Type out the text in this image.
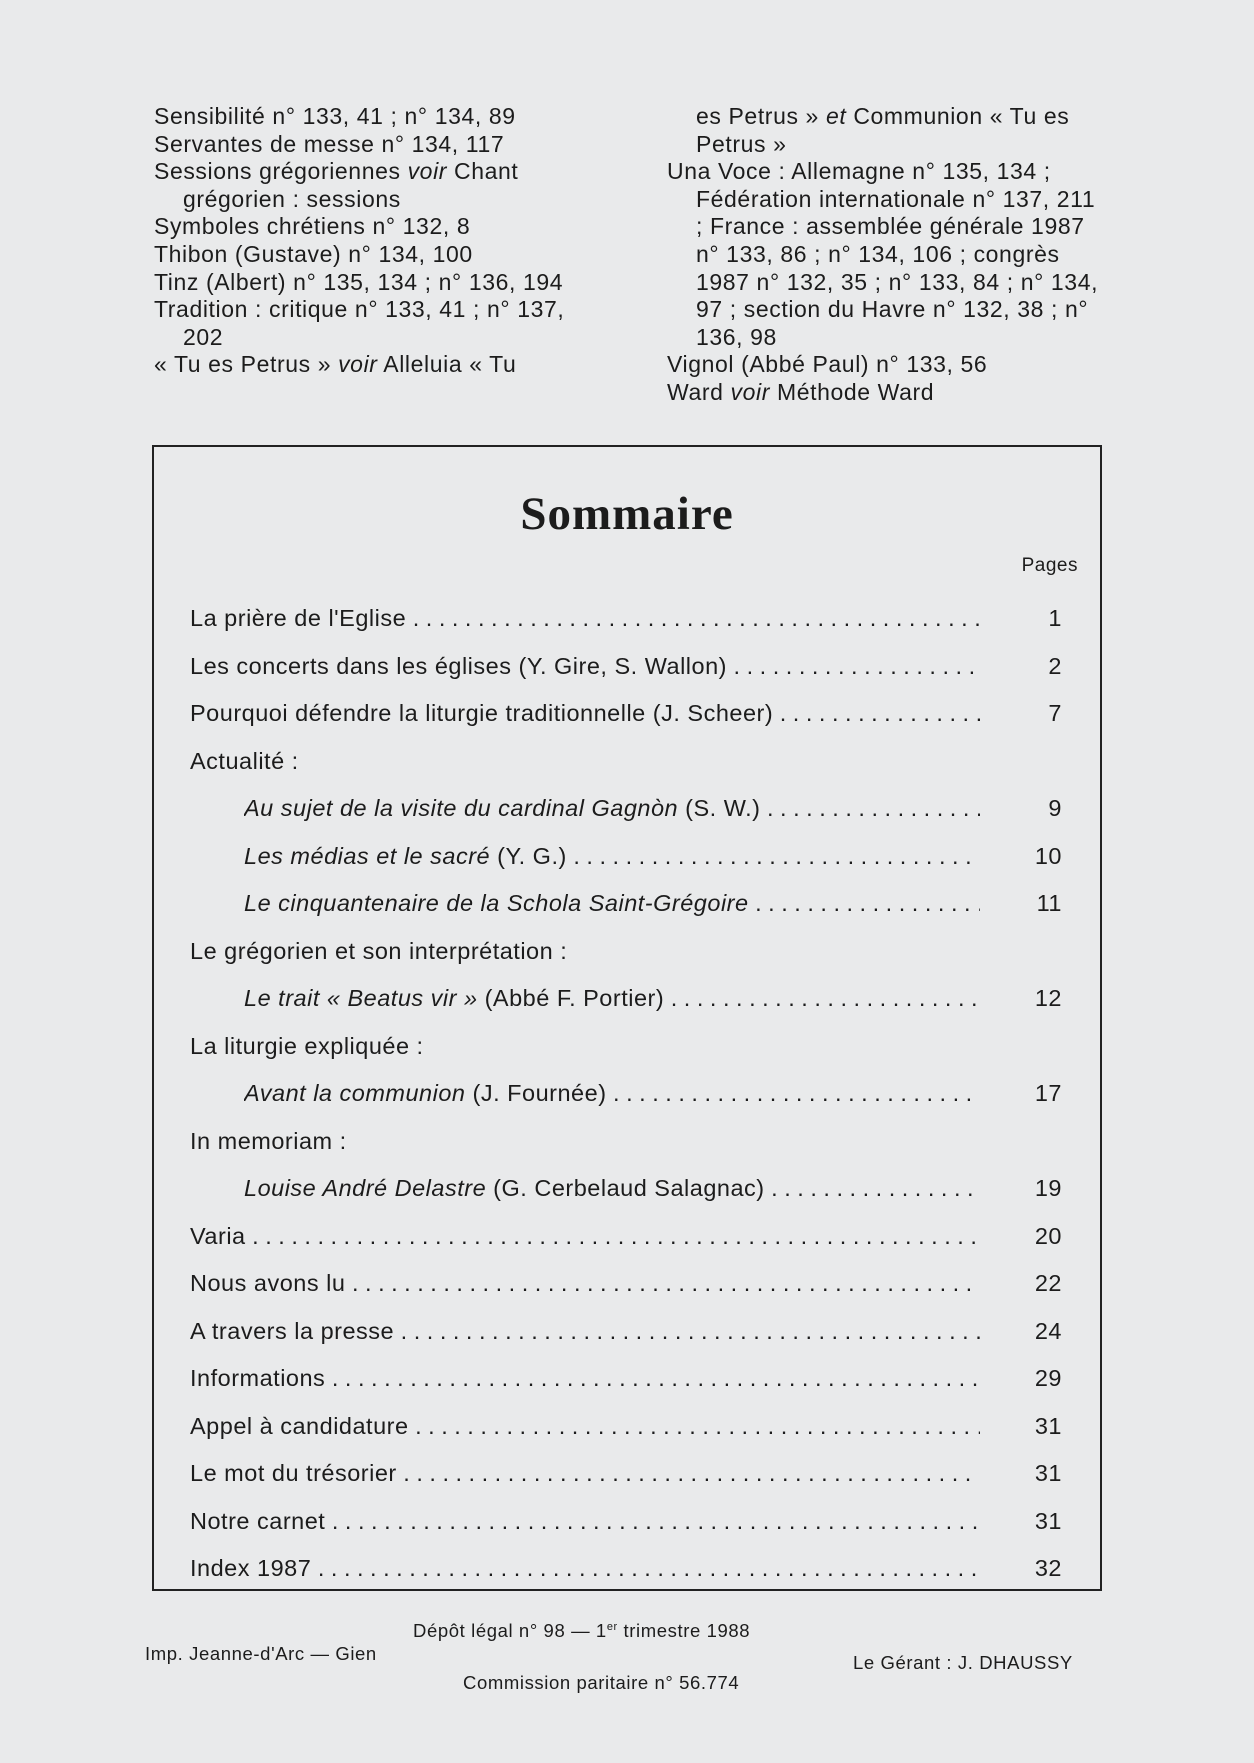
Sensibilité n° 133, 41 ; n° 134, 89

Servantes de messe n° 134, 117

Sessions grégoriennes voir Chant grégorien : sessions

Symboles chrétiens n° 132, 8

Thibon (Gustave) n° 134, 100

Tinz (Albert) n° 135, 134 ; n° 136, 194

Tradition : critique n° 133, 41 ; n° 137, 202

« Tu es Petrus » voir Alleluia « Tu

es Petrus » et Communion « Tu es Petrus »

Una Voce : Allemagne n° 135, 134 ; Fédération internationale n° 137, 211 ; France : assemblée générale 1987 n° 133, 86 ; n° 134, 106 ; congrès 1987 n° 132, 35 ; n° 133, 84 ; n° 134, 97 ; section du Havre n° 132, 38 ; n° 136, 98

Vignol (Abbé Paul) n° 133, 56

Ward voir Méthode Ward

Sommaire
Pages
La prière de l'Eglise . . .	1
Les concerts dans les églises (Y. Gire, S. Wallon) . . .	2
Pourquoi défendre la liturgie traditionnelle (J. Scheer) . . .	7
Actualité :
Au sujet de la visite du cardinal Gagnòn (S. W.) . . .	9
Les médias et le sacré (Y. G.) . . .	10
Le cinquantenaire de la Schola Saint-Grégoire . . .	11
Le grégorien et son interprétation :
Le trait « Beatus vir » (Abbé F. Portier) . . .	12
La liturgie expliquée :
Avant la communion (J. Fournée) . . .	17
In memoriam :
Louise André Delastre (G. Cerbelaud Salagnac) . . .	19
Varia . . .	20
Nous avons lu . . .	22
A travers la presse . . .	24
Informations . . .	29
Appel à candidature . . .	31
Le mot du trésorier . . .	31
Notre carnet . . .	31
Index 1987 . . .	32
Dépôt légal n° 98 — 1er trimestre 1988
Imp. Jeanne-d'Arc — Gien
Commission paritaire n° 56.774
Le Gérant : J. DHAUSSY
